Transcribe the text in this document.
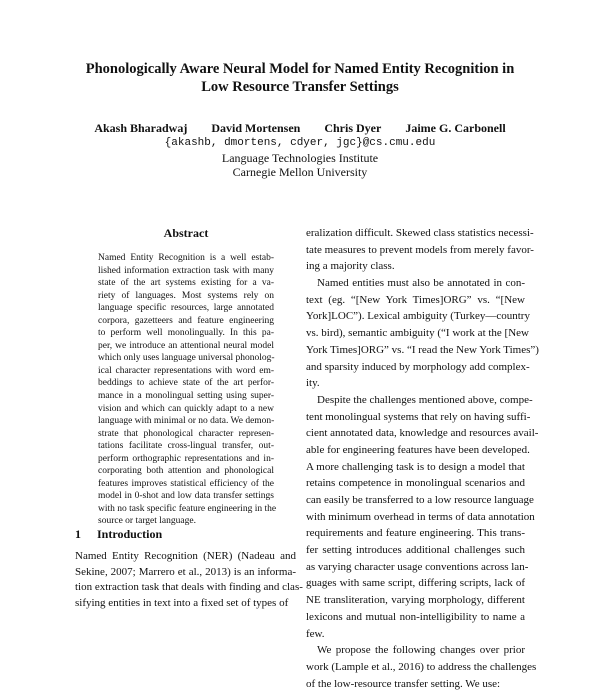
Phonologically Aware Neural Model for Named Entity Recognition in
Low Resource Transfer Settings
Akash Bharadwaj David Mortensen Chris Dyer Jaime G. Carbonell
{akashb, dmortens, cdyer, jgc}@cs.cmu.edu
Language Technologies Institute
Carnegie Mellon University
Abstract
Named Entity Recognition is a well estab-
lished information extraction task with many
state of the art systems existing for a va-
riety of languages. Most systems rely on
language specific resources, large annotated
corpora, gazetteers and feature engineering
to perform well monolingually. In this pa-
per, we introduce an attentional neural model
which only uses language universal phonolog-
ical character representations with word em-
beddings to achieve state of the art perfor-
mance in a monolingual setting using super-
vision and which can quickly adapt to a new
language with minimal or no data. We demon-
strate that phonological character represen-
tations facilitate cross-lingual transfer, out-
perform orthographic representations and in-
corporating both attention and phonological
features improves statistical efficiency of the
model in 0-shot and low data transfer settings
with no task specific feature engineering in the
source or target language.
1 Introduction
Named Entity Recognition (NER) (Nadeau and
Sekine, 2007; Marrero et al., 2013) is an informa-
tion extraction task that deals with finding and clas-
sifying entities in text into a fixed set of types of
eralization difficult. Skewed class statistics necessi-
tate measures to prevent models from merely favor-
ing a majority class.
Named entities must also be annotated in con-
text (eg. “[New York Times]ORG” vs. “[New
York]LOC”). Lexical ambiguity (Turkey—country
vs. bird), semantic ambiguity (“I work at the [New
York Times]ORG” vs. “I read the New York Times”)
and sparsity induced by morphology add complex-
ity.
Despite the challenges mentioned above, compe-
tent monolingual systems that rely on having suffi-
cient annotated data, knowledge and resources avail-
able for engineering features have been developed.
A more challenging task is to design a model that
retains competence in monolingual scenarios and
can easily be transferred to a low resource language
with minimum overhead in terms of data annotation
requirements and feature engineering. This trans-
fer setting introduces additional challenges such
as varying character usage conventions across lan-
guages with same script, differing scripts, lack of
NE transliteration, varying morphology, different
lexicons and mutual non-intelligibility to name a
few.
We propose the following changes over prior
work (Lample et al., 2016) to address the challenges
of the low-resource transfer setting. We use:
